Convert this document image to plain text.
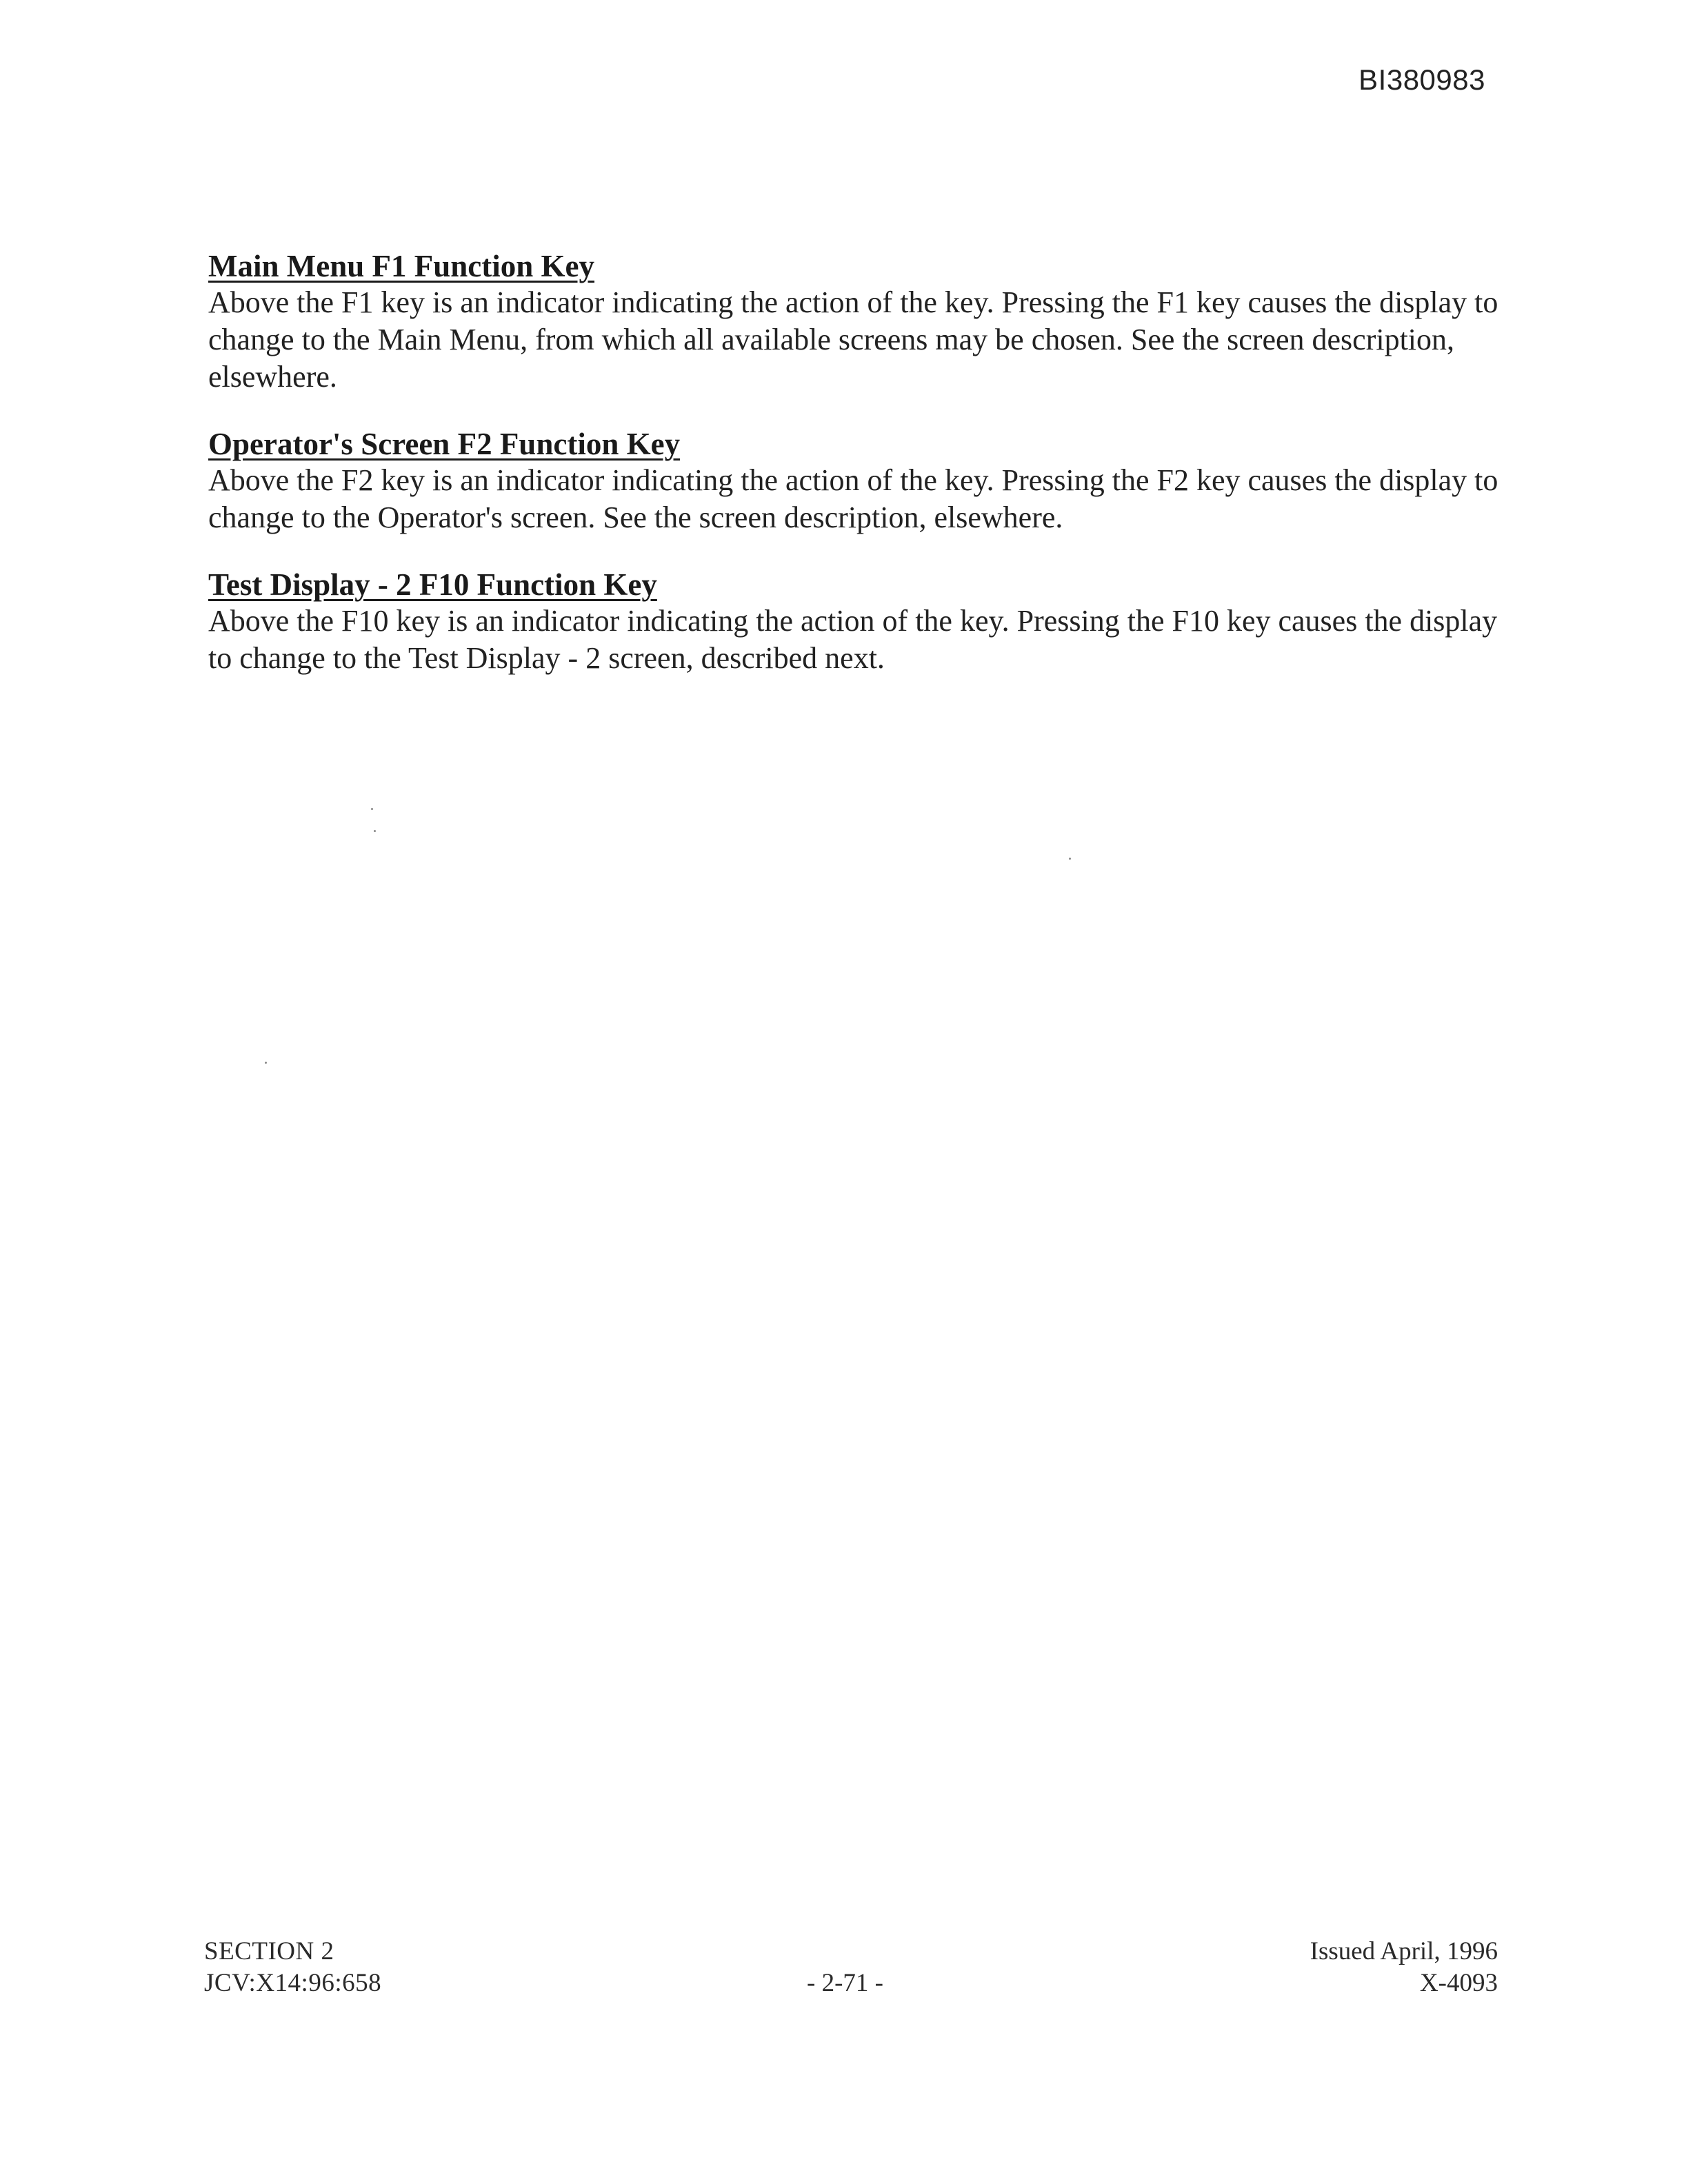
BI380983

Main Menu F1 Function Key

Above the F1 key is an indicator indicating the action of the key. Pressing the F1 key causes the display to change to the Main Menu, from which all available screens may be chosen. See the screen description, elsewhere.

Operator's Screen F2 Function Key

Above the F2 key is an indicator indicating the action of the key. Pressing the F2 key causes the display to change to the Operator's screen. See the screen description, elsewhere.

Test Display - 2 F10 Function Key

Above the F10 key is an indicator indicating the action of the key. Pressing the F10 key causes the display to change to the Test Display - 2 screen, described next.

SECTION 2
JCV:X14:96:658	- 2-71 -
Issued April, 1996
X-4093
